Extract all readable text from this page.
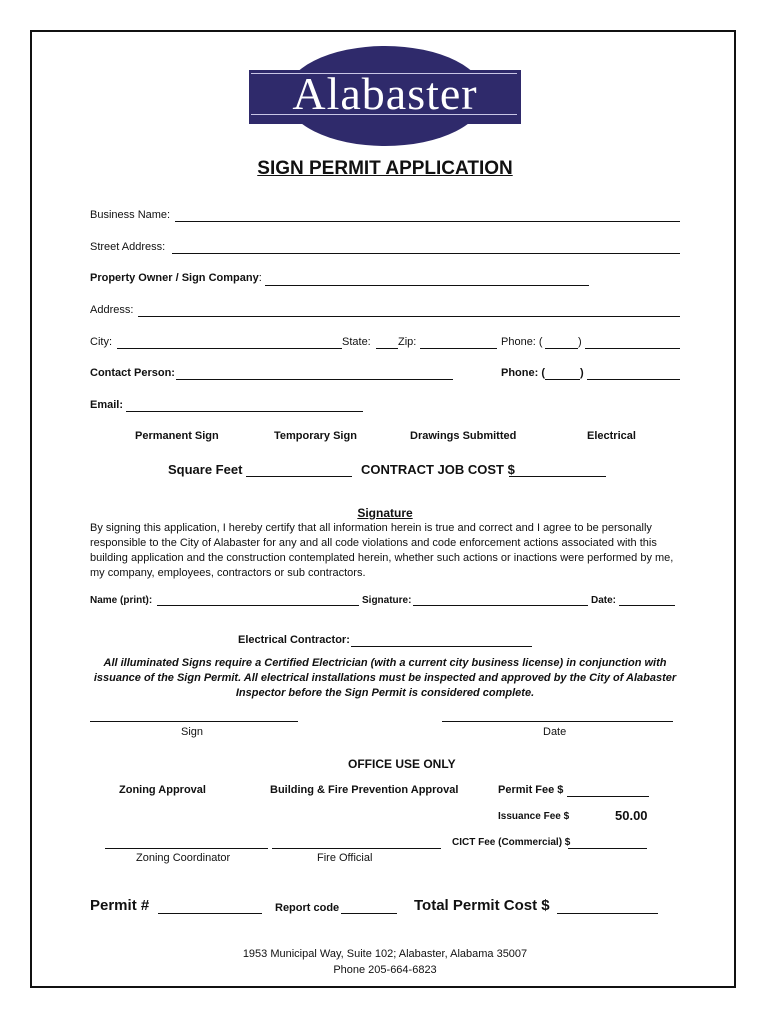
Alabaster
SIGN PERMIT APPLICATION
Business Name:
Street Address:
Property Owner / Sign Company:
Address:
City:	State: Zip:	Phone: (	)
Contact Person:	Phone: (	)
Email:
Permanent Sign	Temporary Sign	Drawings Submitted	Electrical
Square Feet	CONTRACT JOB COST $
Signature
By signing this application, I hereby certify that all information herein is true and correct and I agree to be personally responsible to the City of Alabaster for any and all code violations and code enforcement actions associated with this building application and the construction contemplated herein, whether such actions or inactions were performed by me, my company, employees, contractors or sub contractors.
Name (print):	Signature:	Date:
Electrical Contractor:
All illuminated Signs require a Certified Electrician (with a current city business license) in conjunction with issuance of the Sign Permit. All electrical installations must be inspected and approved by the City of Alabaster Inspector before the Sign Permit is considered complete.
Sign	Date
OFFICE USE ONLY
Zoning Approval	Building & Fire Prevention Approval	Permit Fee $
Issuance Fee $	50.00
CICT Fee (Commercial) $
Zoning Coordinator	Fire Official
Permit #	Report code	Total Permit Cost $
1953 Municipal Way, Suite 102; Alabaster, Alabama 35007
Phone 205-664-6823
